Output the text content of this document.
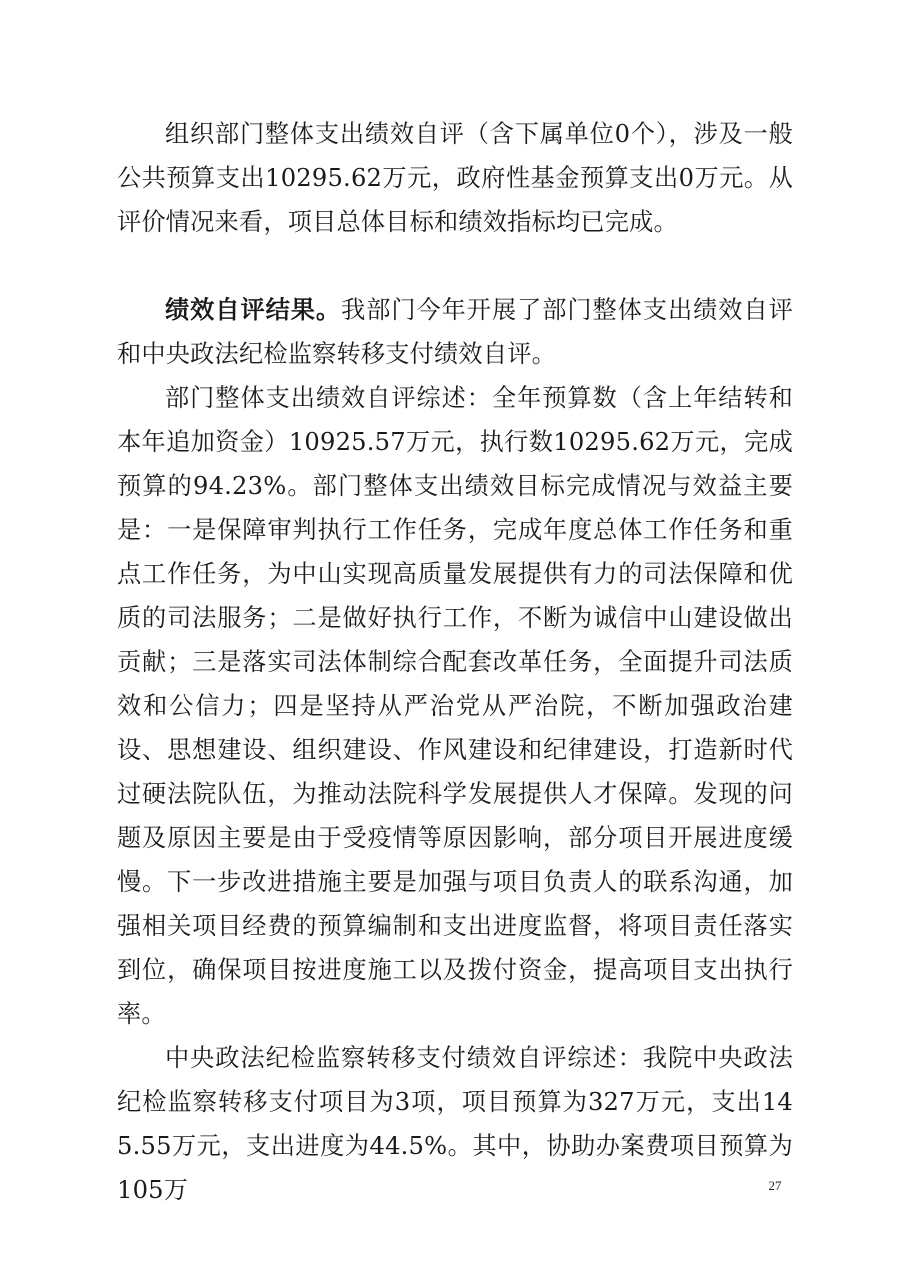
组织部门整体支出绩效自评（含下属单位0个），涉及一般公共预算支出10295.62万元，政府性基金预算支出0万元。从评价情况来看，项目总体目标和绩效指标均已完成。

绩效自评结果。我部门今年开展了部门整体支出绩效自评和中央政法纪检监察转移支付绩效自评。

部门整体支出绩效自评综述：全年预算数（含上年结转和本年追加资金）10925.57万元，执行数10295.62万元，完成预算的94.23%。部门整体支出绩效目标完成情况与效益主要是：一是保障审判执行工作任务，完成年度总体工作任务和重点工作任务，为中山实现高质量发展提供有力的司法保障和优质的司法服务；二是做好执行工作，不断为诚信中山建设做出贡献；三是落实司法体制综合配套改革任务，全面提升司法质效和公信力；四是坚持从严治党从严治院，不断加强政治建设、思想建设、组织建设、作风建设和纪律建设，打造新时代过硬法院队伍，为推动法院科学发展提供人才保障。发现的问题及原因主要是由于受疫情等原因影响，部分项目开展进度缓慢。下一步改进措施主要是加强与项目负责人的联系沟通，加强相关项目经费的预算编制和支出进度监督，将项目责任落实到位，确保项目按进度施工以及拨付资金，提高项目支出执行率。

中央政法纪检监察转移支付绩效自评综述：我院中央政法纪检监察转移支付项目为3项，项目预算为327万元，支出145.55万元，支出进度为44.5%。其中，协助办案费项目预算为105万	27
